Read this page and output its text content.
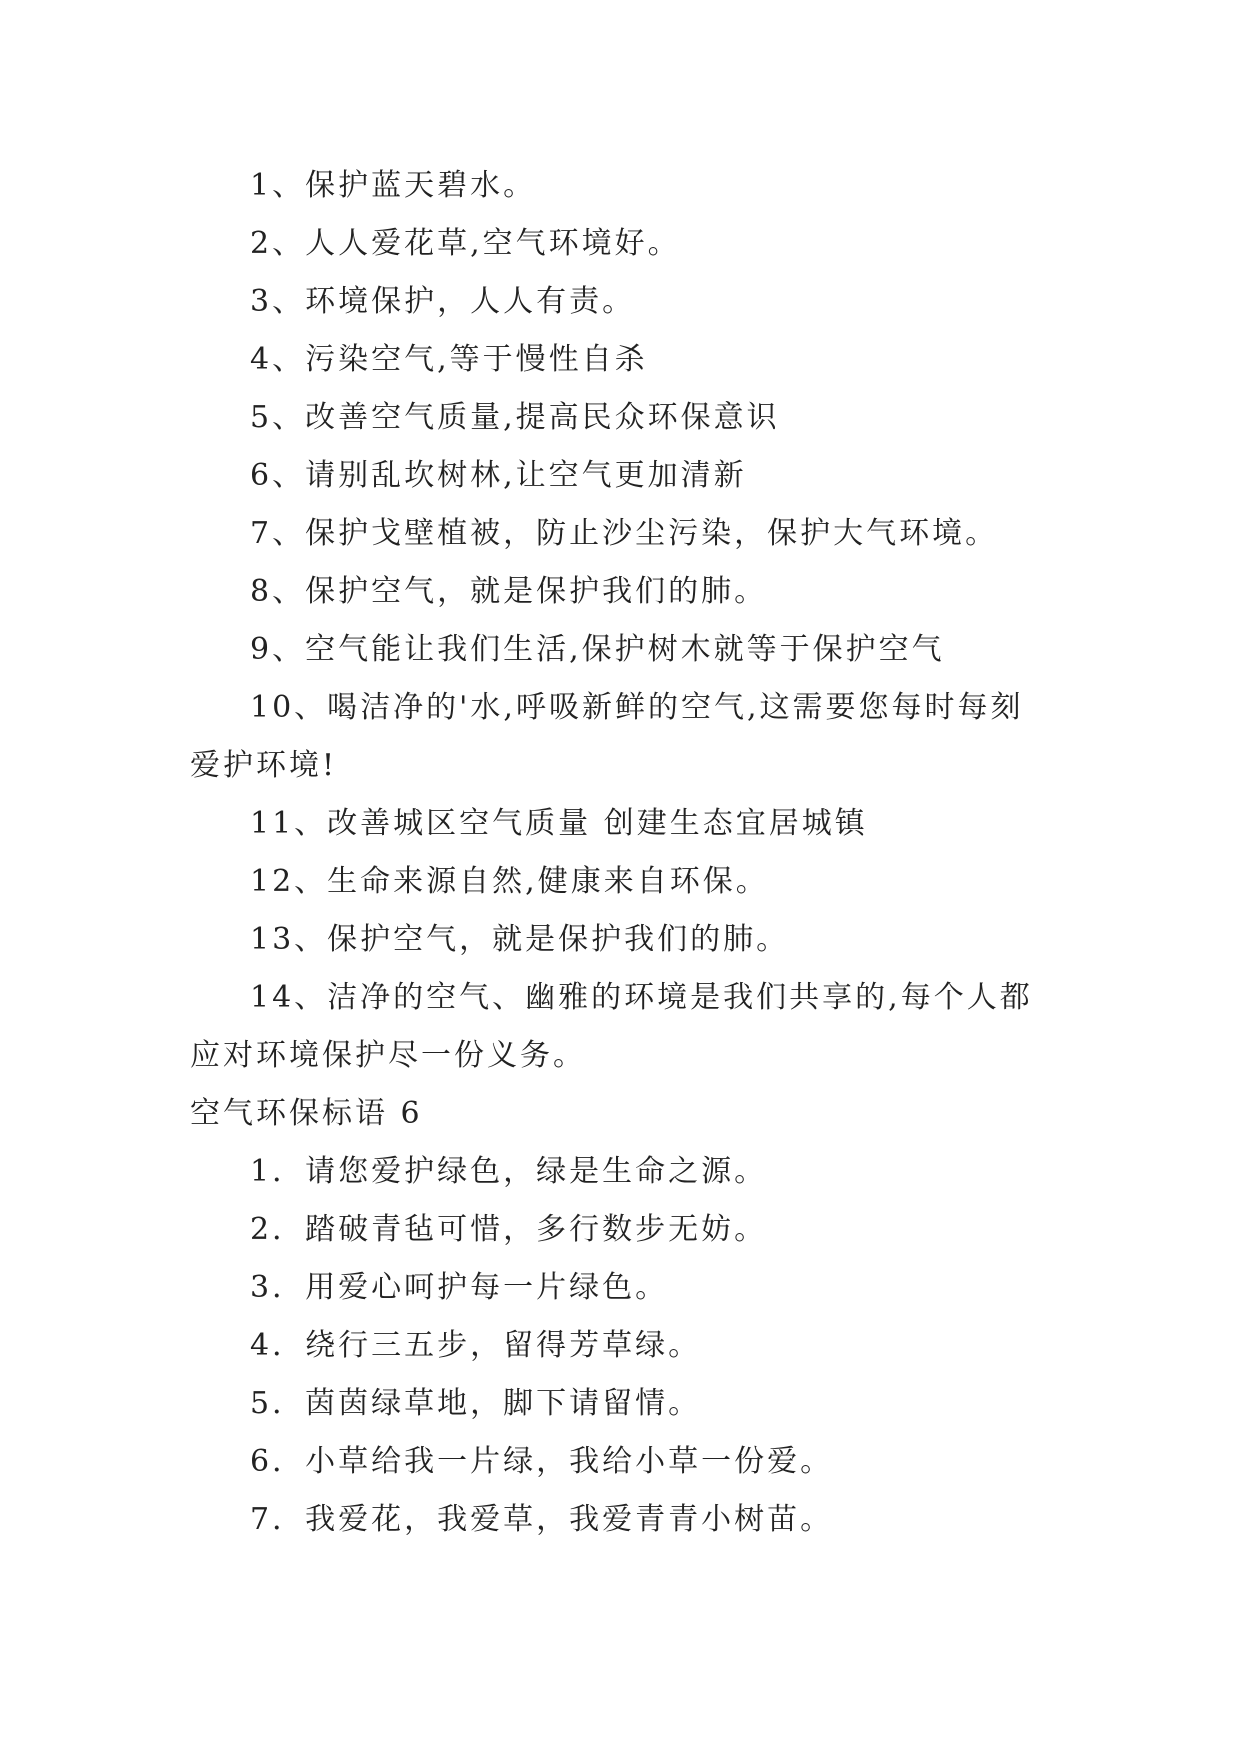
1、保护蓝天碧水。
2、人人爱花草,空气环境好。
3、环境保护，人人有责。
4、污染空气,等于慢性自杀
5、改善空气质量,提高民众环保意识
6、请别乱坎树林,让空气更加清新
7、保护戈壁植被，防止沙尘污染，保护大气环境。
8、保护空气，就是保护我们的肺。
9、空气能让我们生活,保护树木就等于保护空气
10、喝洁净的'水,呼吸新鲜的空气,这需要您每时每刻
爱护环境!
11、改善城区空气质量 创建生态宜居城镇
12、生命来源自然,健康来自环保。
13、保护空气，就是保护我们的肺。
14、洁净的空气、幽雅的环境是我们共享的,每个人都
应对环境保护尽一份义务。
空气环保标语 6
1．请您爱护绿色，绿是生命之源。
2．踏破青毡可惜，多行数步无妨。
3．用爱心呵护每一片绿色。
4．绕行三五步，留得芳草绿。
5．茵茵绿草地，脚下请留情。
6．小草给我一片绿，我给小草一份爱。
7．我爱花，我爱草，我爱青青小树苗。
